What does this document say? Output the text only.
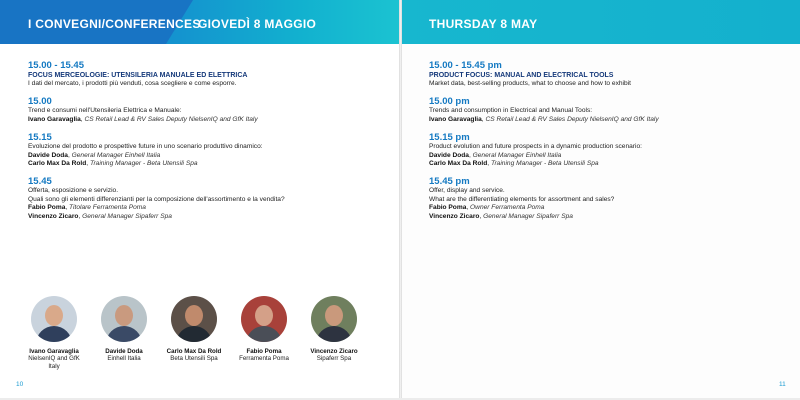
I CONVEGNI/CONFERENCES
GIOVEDÌ 8 MAGGIO
15.00 - 15.45
FOCUS MERCEOLOGIE: UTENSILERIA MANUALE ED ELETTRICA
I dati del mercato, i prodotti più venduti, cosa scegliere e come esporre.
15.00
Trend e consumi nell'Utensileria Elettrica e Manuale:
Ivano Garavaglia, CS Retail Lead & RV Sales Deputy NielsenIQ and GfK Italy
15.15
Evoluzione del prodotto e prospettive future in uno scenario produttivo dinamico:
Davide Doda, General Manager Einhell Italia
Carlo Max Da Rold, Training Manager - Beta Utensili Spa
15.45
Offerta, esposizione e servizio.
Quali sono gli elementi differenzianti per la composizione dell'assortimento e la vendita?
Fabio Poma, Titolare Ferramenta Poma
Vincenzo Zicaro, General Manager Sipaferr Spa
Ivano Garavaglia
NielsenIQ and GfK Italy
Davide Doda
Einhell Italia
Carlo Max Da Rold
Beta Utensili Spa
Fabio Poma
Ferramenta Poma
Vincenzo Zicaro
Sipaferr Spa
10
THURSDAY 8 MAY
15.00 - 15.45 pm
PRODUCT FOCUS: MANUAL AND ELECTRICAL TOOLS
Market data, best-selling products, what to choose and how to exhibit
15.00 pm
Trends and consumption in Electrical and Manual Tools:
Ivano Garavaglia, CS Retail Lead & RV Sales Deputy NielsenIQ and GfK Italy
15.15 pm
Product evolution and future prospects in a dynamic production scenario:
Davide Doda, General Manager Einhell Italia
Carlo Max Da Rold, Training Manager - Beta Utensili Spa
15.45 pm
Offer, display and service.
What are the differentiating elements for assortment and sales?
Fabio Poma, Owner Ferramenta Poma
Vincenzo Zicaro, General Manager Sipaferr Spa
11
